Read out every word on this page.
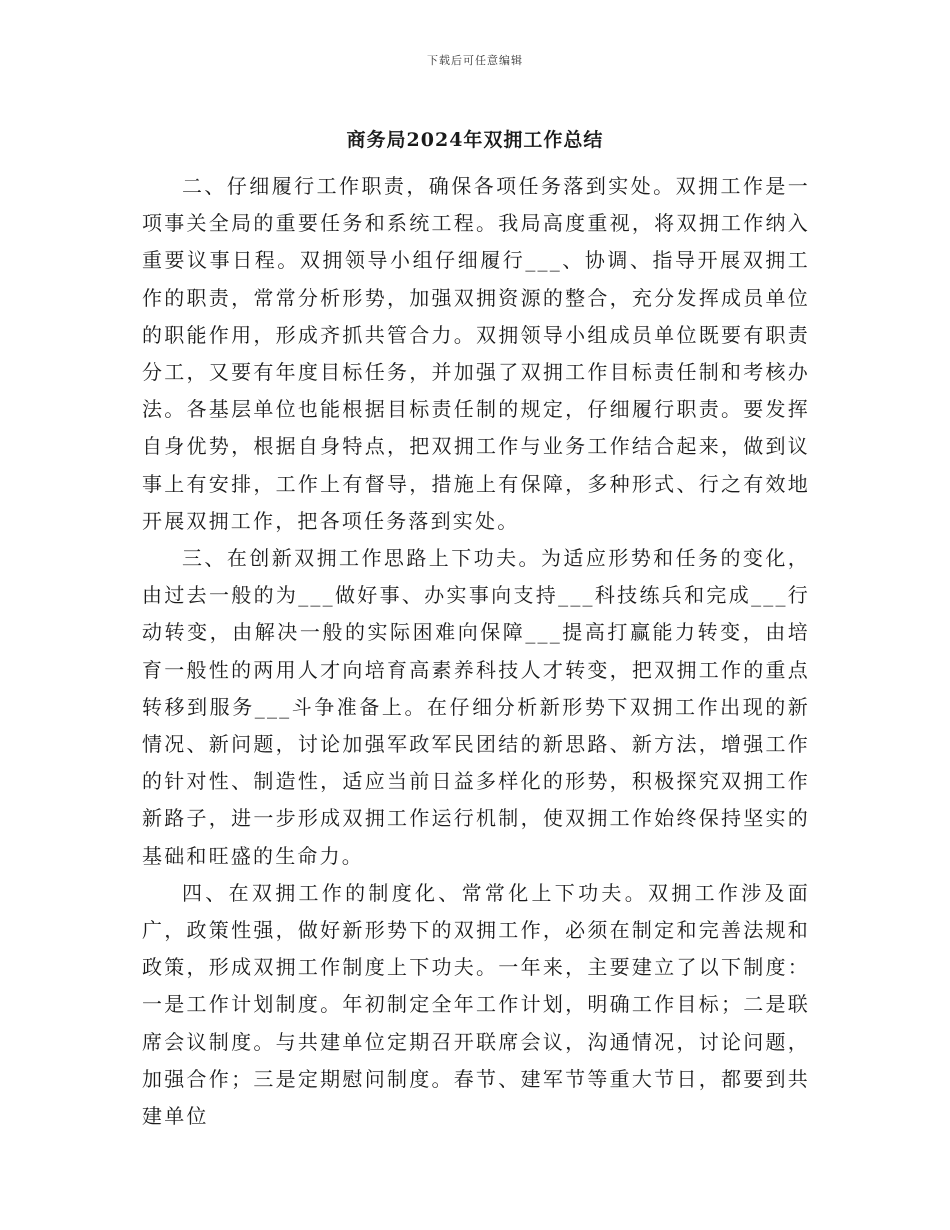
下载后可任意编辑
商务局2024年双拥工作总结

二、仔细履行工作职责，确保各项任务落到实处。双拥工作是一项事关全局的重要任务和系统工程。我局高度重视，将双拥工作纳入重要议事日程。双拥领导小组仔细履行___、协调、指导开展双拥工作的职责，常常分析形势，加强双拥资源的整合，充分发挥成员单位的职能作用，形成齐抓共管合力。双拥领导小组成员单位既要有职责分工，又要有年度目标任务，并加强了双拥工作目标责任制和考核办法。各基层单位也能根据目标责任制的规定，仔细履行职责。要发挥自身优势，根据自身特点，把双拥工作与业务工作结合起来，做到议事上有安排，工作上有督导，措施上有保障，多种形式、行之有效地开展双拥工作，把各项任务落到实处。

三、在创新双拥工作思路上下功夫。为适应形势和任务的变化，由过去一般的为___做好事、办实事向支持___科技练兵和完成___行动转变，由解决一般的实际困难向保障___提高打赢能力转变，由培育一般性的两用人才向培育高素养科技人才转变，把双拥工作的重点转移到服务___斗争准备上。在仔细分析新形势下双拥工作出现的新情况、新问题，讨论加强军政军民团结的新思路、新方法，增强工作的针对性、制造性，适应当前日益多样化的形势，积极探究双拥工作新路子，进一步形成双拥工作运行机制，使双拥工作始终保持坚实的基础和旺盛的生命力。

四、在双拥工作的制度化、常常化上下功夫。双拥工作涉及面广，政策性强，做好新形势下的双拥工作，必须在制定和完善法规和政策，形成双拥工作制度上下功夫。一年来，主要建立了以下制度：一是工作计划制度。年初制定全年工作计划，明确工作目标；二是联席会议制度。与共建单位定期召开联席会议，沟通情况，讨论问题，加强合作；三是定期慰问制度。春节、建军节等重大节日，都要到共建单位
